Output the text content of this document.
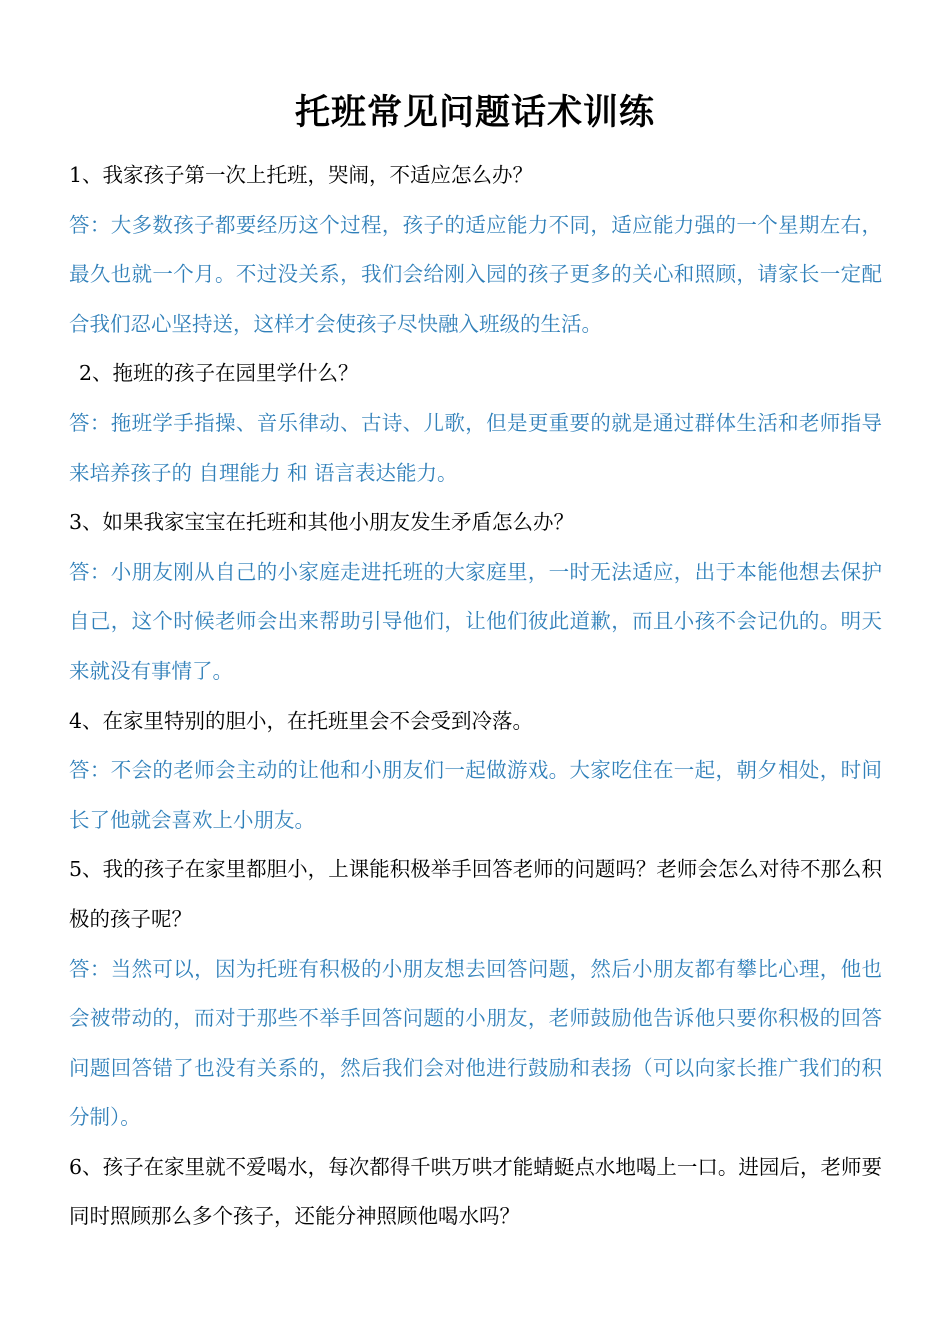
托班常见问题话术训练
1、我家孩子第一次上托班，哭闹，不适应怎么办？
答：大多数孩子都要经历这个过程，孩子的适应能力不同，适应能力强的一个星期左右，最久也就一个月。不过没关系，我们会给刚入园的孩子更多的关心和照顾，请家长一定配合我们忍心坚持送，这样才会使孩子尽快融入班级的生活。
2、拖班的孩子在园里学什么？
答：拖班学手指操、音乐律动、古诗、儿歌，但是更重要的就是通过群体生活和老师指导来培养孩子的 自理能力 和 语言表达能力。
3、如果我家宝宝在托班和其他小朋友发生矛盾怎么办？
答：小朋友刚从自己的小家庭走进托班的大家庭里，一时无法适应，出于本能他想去保护自己，这个时候老师会出来帮助引导他们，让他们彼此道歉，而且小孩不会记仇的。明天来就没有事情了。
4、在家里特别的胆小，在托班里会不会受到冷落。
答：不会的老师会主动的让他和小朋友们一起做游戏。大家吃住在一起，朝夕相处，时间长了他就会喜欢上小朋友。
5、我的孩子在家里都胆小，上课能积极举手回答老师的问题吗？老师会怎么对待不那么积极的孩子呢？
答：当然可以，因为托班有积极的小朋友想去回答问题，然后小朋友都有攀比心理，他也会被带动的，而对于那些不举手回答问题的小朋友，老师鼓励他告诉他只要你积极的回答问题回答错了也没有关系的，然后我们会对他进行鼓励和表扬（可以向家长推广我们的积分制）。
6、孩子在家里就不爱喝水，每次都得千哄万哄才能蜻蜓点水地喝上一口。进园后，老师要同时照顾那么多个孩子，还能分神照顾他喝水吗？
